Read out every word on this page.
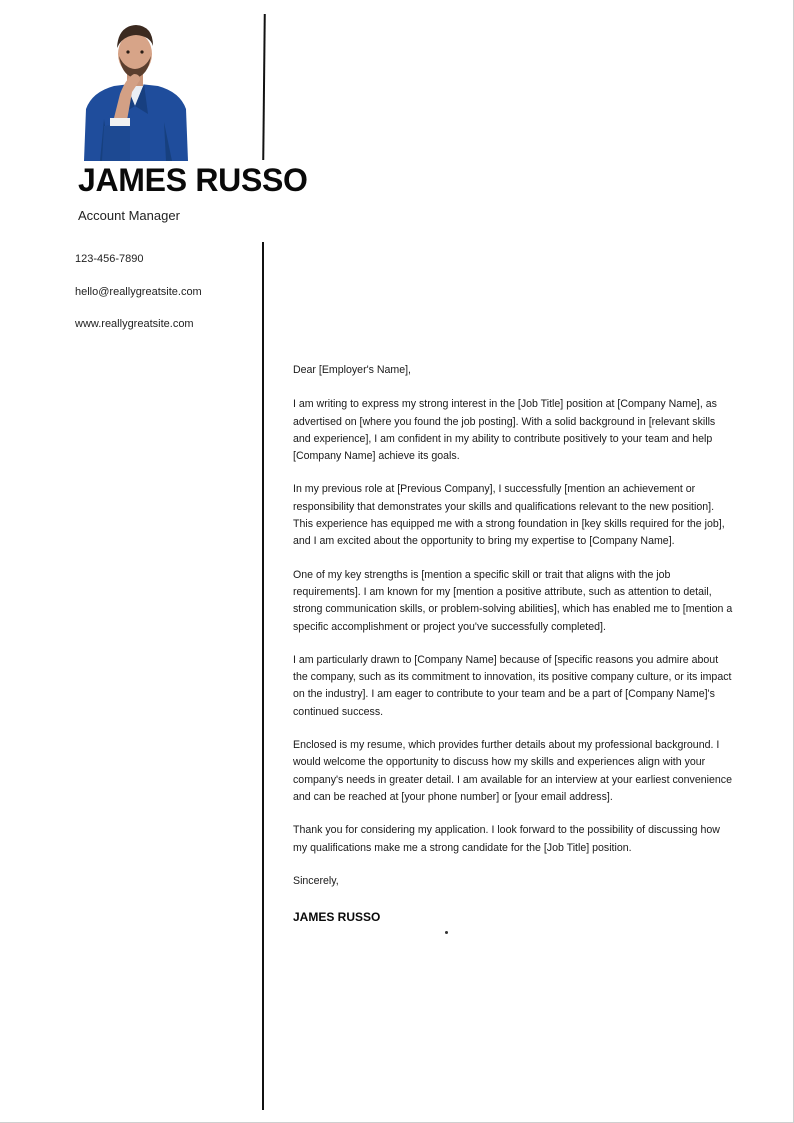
JAMES RUSSO
Account Manager
123-456-7890
hello@reallygreatsite.com
www.reallygreatsite.com

Dear [Employer's Name],

I am writing to express my strong interest in the [Job Title] position at [Company Name], as advertised on [where you found the job posting]. With a solid background in [relevant skills and experience], I am confident in my ability to contribute positively to your team and help [Company Name] achieve its goals.

In my previous role at [Previous Company], I successfully [mention an achievement or responsibility that demonstrates your skills and qualifications relevant to the new position]. This experience has equipped me with a strong foundation in [key skills required for the job], and I am excited about the opportunity to bring my expertise to [Company Name].

One of my key strengths is [mention a specific skill or trait that aligns with the job requirements]. I am known for my [mention a positive attribute, such as attention to detail, strong communication skills, or problem-solving abilities], which has enabled me to [mention a specific accomplishment or project you've successfully completed].

I am particularly drawn to [Company Name] because of [specific reasons you admire about the company, such as its commitment to innovation, its positive company culture, or its impact on the industry]. I am eager to contribute to your team and be a part of [Company Name]'s continued success.

Enclosed is my resume, which provides further details about my professional background. I would welcome the opportunity to discuss how my skills and experiences align with your company's needs in greater detail. I am available for an interview at your earliest convenience and can be reached at [your phone number] or [your email address].

Thank you for considering my application. I look forward to the possibility of discussing how my qualifications make me a strong candidate for the [Job Title] position.

Sincerely,

JAMES RUSSO
